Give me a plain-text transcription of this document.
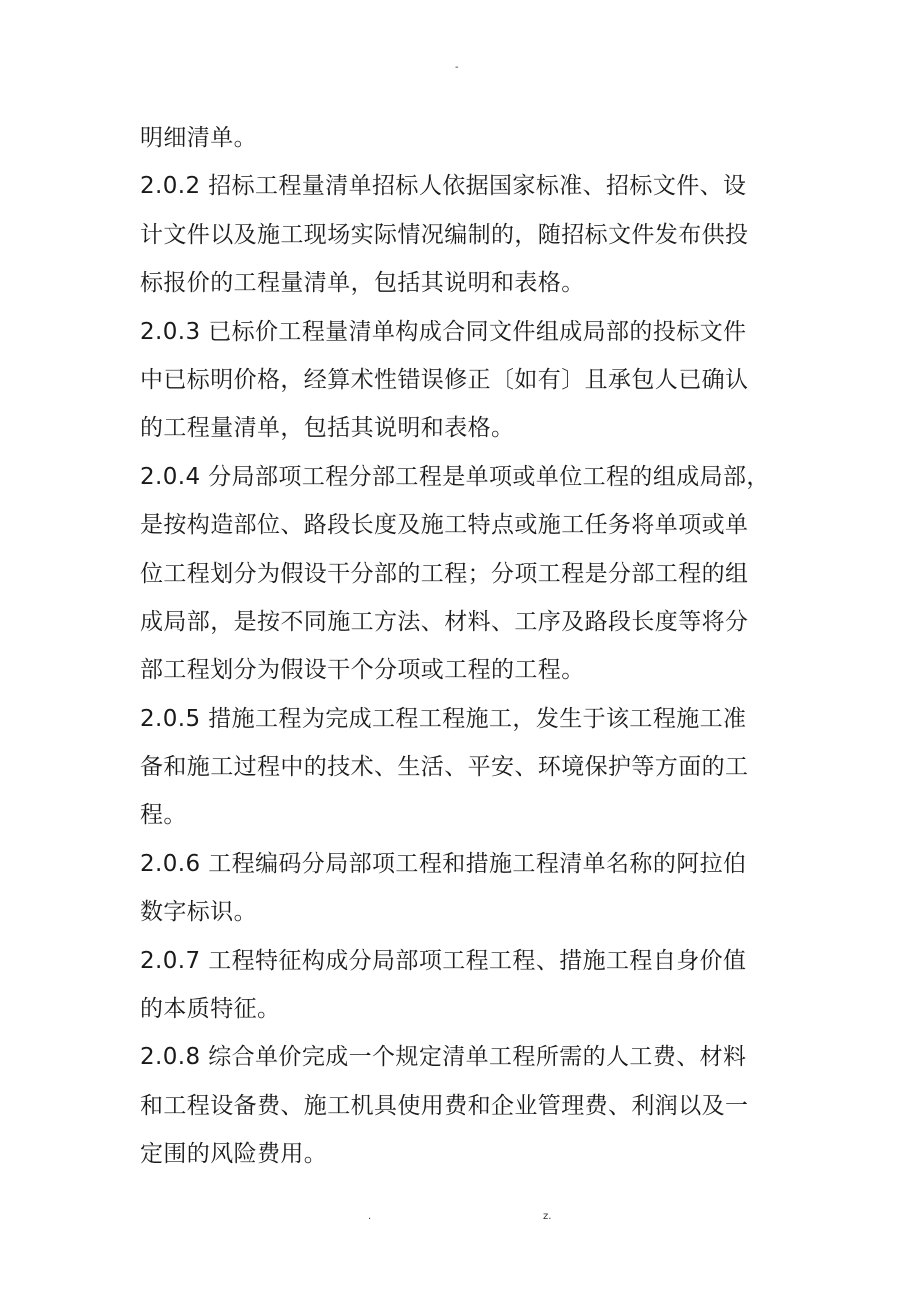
-
明细清单。
2.0.2 招标工程量清单招标人依据国家标准、招标文件、设
计文件以及施工现场实际情况编制的，随招标文件发布供投
标报价的工程量清单，包括其说明和表格。
2.0.3 已标价工程量清单构成合同文件组成局部的投标文件
中已标明价格，经算术性错误修正〔如有〕且承包人已确认
的工程量清单，包括其说明和表格。
2.0.4 分局部项工程分部工程是单项或单位工程的组成局部，
是按构造部位、路段长度及施工特点或施工任务将单项或单
位工程划分为假设干分部的工程；分项工程是分部工程的组
成局部，是按不同施工方法、材料、工序及路段长度等将分
部工程划分为假设干个分项或工程的工程。
2.0.5 措施工程为完成工程工程施工，发生于该工程施工准
备和施工过程中的技术、生活、平安、环境保护等方面的工
程。
2.0.6 工程编码分局部项工程和措施工程清单名称的阿拉伯
数字标识。
2.0.7 工程特征构成分局部项工程工程、措施工程自身价值
的本质特征。
2.0.8 综合单价完成一个规定清单工程所需的人工费、材料
和工程设备费、施工机具使用费和企业管理费、利润以及一
定围的风险费用。
.	z.
